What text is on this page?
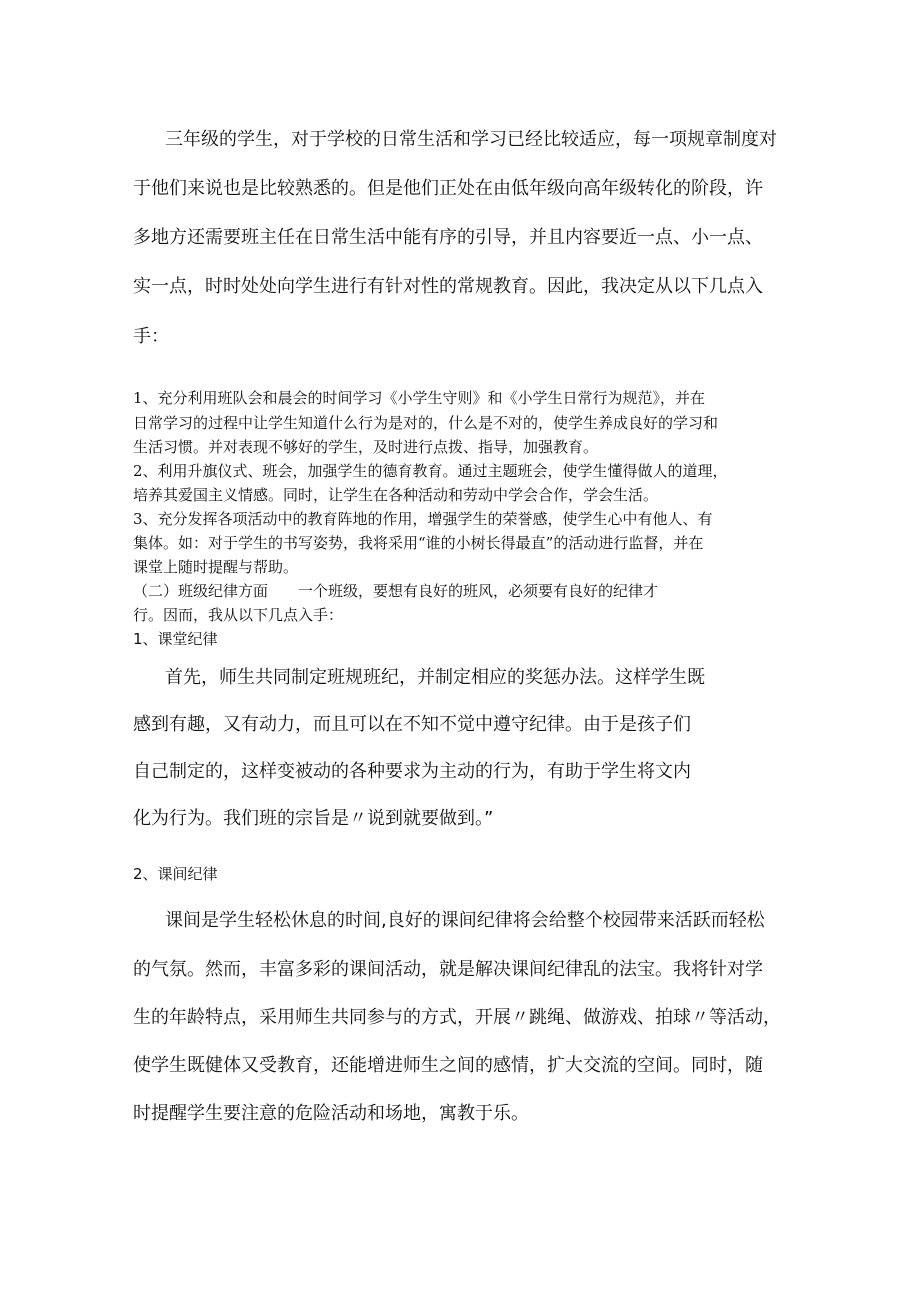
三年级的学生，对于学校的日常生活和学习已经比较适应，每一项规章制度对

于他们来说也是比较熟悉的。但是他们正处在由低年级向高年级转化的阶段，许

多地方还需要班主任在日常生活中能有序的引导，并且内容要近一点、小一点、

实一点，时时处处向学生进行有针对性的常规教育。因此，我决定从以下几点入

手：

1、充分利用班队会和晨会的时间学习《小学生守则》和《小学生日常行为规范》，并在

日常学习的过程中让学生知道什么行为是对的，什么是不对的，使学生养成良好的学习和

生活习惯。并对表现不够好的学生，及时进行点拨、指导，加强教育。

2、利用升旗仪式、班会，加强学生的德育教育。通过主题班会，使学生懂得做人的道理，

培养其爱国主义情感。同时，让学生在各种活动和劳动中学会合作，学会生活。

3、充分发挥各项活动中的教育阵地的作用，增强学生的荣誉感，使学生心中有他人、有

集体。如：对于学生的书写姿势，我将采用“谁的小树长得最直”的活动进行监督，并在

课堂上随时提醒与帮助。

（二）班级纪律方面　　一个班级，要想有良好的班风，必须要有良好的纪律才

行。因而，我从以下几点入手：

1、课堂纪律

首先，师生共同制定班规班纪，并制定相应的奖惩办法。这样学生既

感到有趣，又有动力，而且可以在不知不觉中遵守纪律。由于是孩子们

自己制定的，这样变被动的各种要求为主动的行为，有助于学生将文内

化为行为。我们班的宗旨是〃说到就要做到。”

2、课间纪律

课间是学生轻松休息的时间,良好的课间纪律将会给整个校园带来活跃而轻松

的气氛。然而，丰富多彩的课间活动，就是解决课间纪律乱的法宝。我将针对学

生的年龄特点，采用师生共同参与的方式，开展〃跳绳、做游戏、拍球〃等活动，

使学生既健体又受教育，还能增进师生之间的感情，扩大交流的空间。同时，随

时提醒学生要注意的危险活动和场地，寓教于乐。
